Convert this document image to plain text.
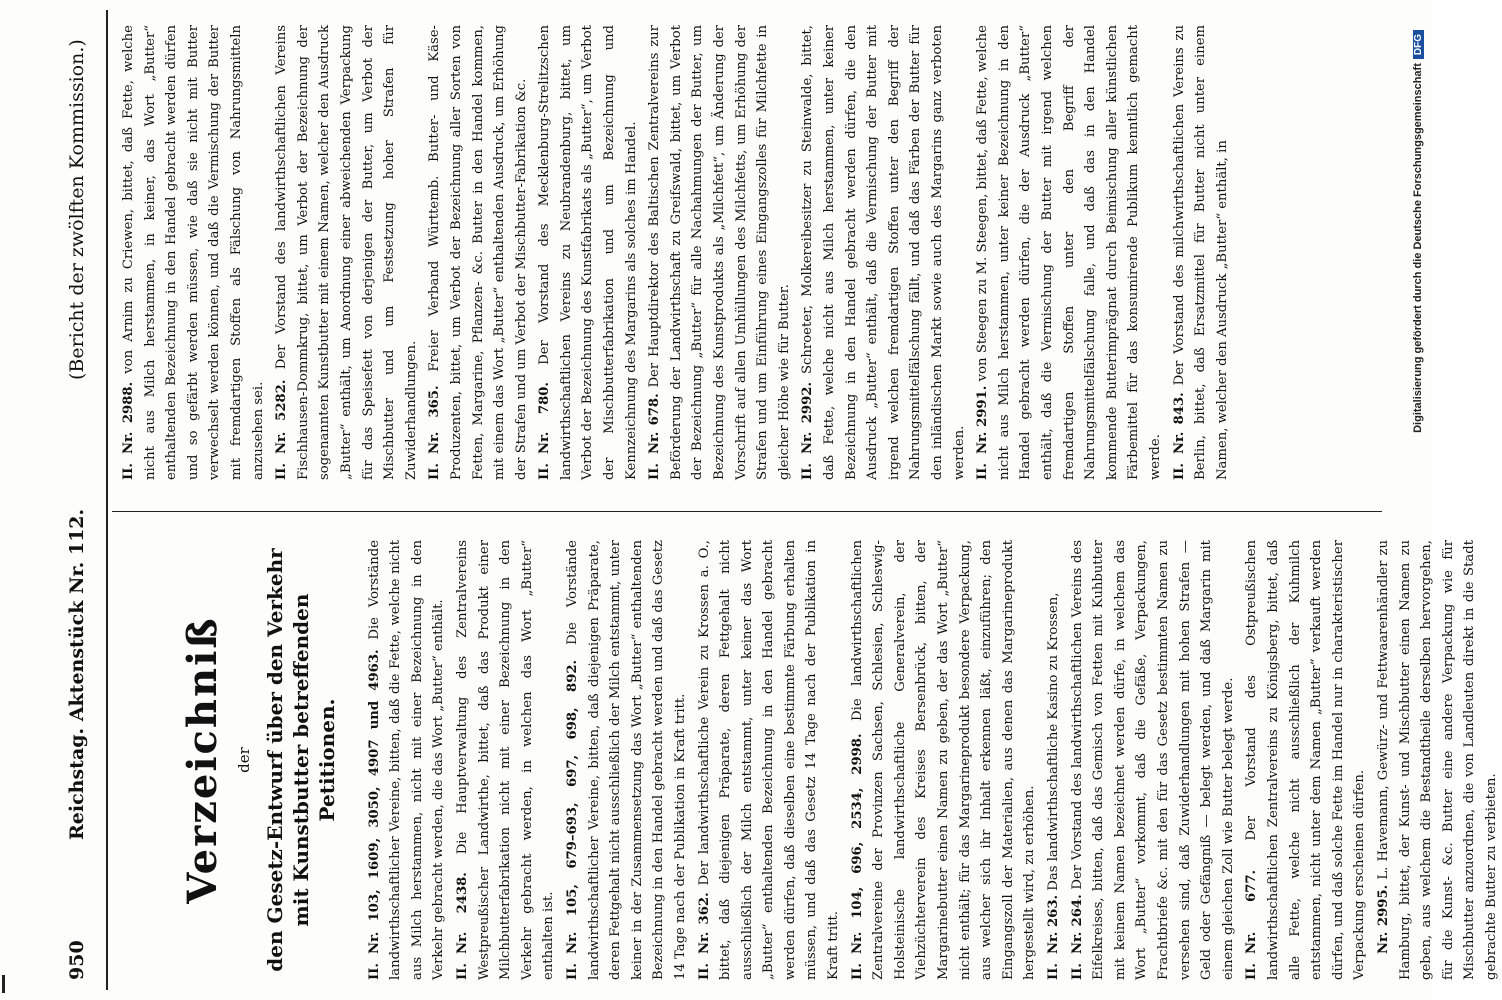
950
Reichstag. Aktenstück Nr. 112.
(Bericht der zwölften Kommission.)
Verzeichniß der den Gesetz-Entwurf über den Verkehr mit Kunstbutter betreffenden Petitionen.

II.Nr. 103, 1609, 3050, 4907 und 4963. Die Vorstände landwirthschaftlicher Vereine, bitten, daß die Fette, welche nicht aus Milch herstammen, nicht mit einer Bezeichnung in den Verkehr gebracht werden, die das Wort „Butter“ enthält. II.Nr. 2438. Die Hauptverwaltung des Zentralvereins Westpreußischer Landwirthe, bittet, daß das Produkt einer Milchbutterfabrikation nicht mit einer Bezeichnung in den Verkehr gebracht werden, in welchen das Wort „Butter“ enthalten ist. II.Nr. 105, 679–693, 697, 698, 892. Die Vorstände landwirthschaftlicher Vereine, bitten, daß diejenigen Präparate, deren Fettgehalt nicht ausschließlich der Milch entstammt, unter keiner in der Zusammensetzung das Wort „Butter“ enthaltenden Bezeichnung in den Handel gebracht werden und daß das Gesetz 14 Tage nach der Publikation in Kraft tritt. II.Nr. 362. Der landwirthschaftliche Verein zu Krossen a. O., bittet, daß diejenigen Präparate, deren Fettgehalt nicht ausschließlich der Milch entstammt, unter keiner das Wort „Butter“ enthaltenden Bezeichnung in den Handel gebracht werden dürfen, daß dieselben eine bestimmte Färbung erhalten müssen, und daß das Gesetz 14 Tage nach der Publikation in Kraft tritt. II.Nr. 104, 696, 2534, 2998. Die landwirthschaftlichen Zentralvereine der Provinzen Sachsen, Schlesien, Schleswig-Holsteinische landwirthschaftliche Generalverein, der Viehzüchterverein des Kreises Bersenbrück, bitten, der Margarinebutter einen Namen zu geben, der das Wort „Butter“ nicht enthält; für das Margarineprodukt besondere Verpackung, aus welcher sich ihr Inhalt erkennen läßt, einzuführen; den Eingangszoll der Materialien, aus denen das Margarineprodukt hergestellt wird, zu erhöhen. II.Nr. 263. Das landwirthschaftliche Kasino zu Krossen,

II.Nr. 264. Der Vorstand des landwirthschaftlichen Vereins des Eifelkreises, bitten, daß das Gemisch von Fetten mit Kuhbutter mit keinem Namen bezeichnet werden dürfe, in welchem das Wort „Butter“ vorkommt, daß die Gefäße, Verpackungen, Frachtbriefe &c. mit den für das Gesetz bestimmten Namen zu versehen sind, daß Zuwiderhandlungen mit hohen Strafen — Geld oder Gefängniß — belegt werden, und daß Margarin mit einem gleichen Zoll wie Butter belegt werde. II.Nr. 677. Der Vorstand des Ostpreußischen landwirthschaftlichen Zentralvereins zu Königsberg, bittet, daß alle Fette, welche nicht ausschließlich der Kuhmilch entstammen, nicht unter dem Namen „Butter“ verkauft werden dürfen, und daß solche Fette im Handel nur in charakteristischer Verpackung erscheinen dürfen. Nr. 2995. L. Havemann, Gewürz- und Fettwaarenhändler zu Hamburg, bittet, der Kunst- und Mischbutter einen Namen zu geben, aus welchem die Bestandtheile derselben hervorgehen, für die Kunst- &c. Butter eine andere Verpackung wie für Mischbutter anzuordnen, die von Landleuten direkt in die Stadt gebrachte Butter zu verbieten.

II.Nr. 2988. von Arnim zu Criewen, bittet, daß Fette, welche nicht aus Milch herstammen, in keiner, das Wort „Butter“ enthaltenden Bezeichnung in den Handel gebracht werden dürfen und so gefärbt werden müssen, wie daß sie nicht mit Butter verwechselt werden können, und daß die Vermischung der Butter mit fremdartigen Stoffen als Fälschung von Nahrungsmitteln anzusehen sei. II.Nr. 5282. Der Vorstand des landwirthschaftlichen Vereins Fischhausen-Dommkrug, bittet, um Verbot der Bezeichnung der sogenannten Kunstbutter mit einem Namen, welcher den Ausdruck „Butter“ enthält, um Anordnung einer abweichenden Verpackung für das Speisefett von derjenigen der Butter, um Verbot der Mischbutter und um Festsetzung hoher Strafen für Zuwiderhandlungen. II.Nr. 365. Freier Verband Württemb. Butter- und Käse-Produzenten, bittet, um Verbot der Bezeichnung aller Sorten von Fetten, Margarine, Pflanzen- &c. Butter in den Handel kommen, mit einem das Wort „Butter“ enthaltenden Ausdruck, um Erhöhung der Strafen und um Verbot der Mischbutter-Fabrikation &c. II.Nr. 780. Der Vorstand des Mecklenburg-Strelitzschen landwirthschaftlichen Vereins zu Neubrandenburg, bittet, um Verbot der Bezeichnung des Kunstfabrikats als „Butter“, um Verbot der Mischbutterfabrikation und um Bezeichnung und Kennzeichnung des Margarins als solches im Handel. II.Nr. 678. Der Hauptdirektor des Baltischen Zentralvereins zur Beförderung der Landwirthschaft zu Greifswald, bittet, um Verbot der Bezeichnung „Butter“ für alle Nachahmungen der Butter, um Bezeichnung des Kunstprodukts als „Milchfett“, um Änderung der Vorschrift auf allen Umhüllungen des Milchfetts, um Erhöhung der Strafen und um Einführung eines Eingangszolles für Milchfette in gleicher Höhe wie für Butter. II.Nr. 2992. Schroeter, Molkereibesitzer zu Steinwalde, bittet, daß Fette, welche nicht aus Milch herstammen, unter keiner Bezeichnung in den Handel gebracht werden dürfen, die den Ausdruck „Butter“ enthält, daß die Vermischung der Butter mit irgend welchen fremdartigen Stoffen unter den Begriff der Nahrungsmittelfälschung fällt, und daß das Färben der Butter für den inländischen Markt sowie auch des Margarins ganz verboten werden. II.Nr. 2991. von Steegen zu M. Steegen, bittet, daß Fette, welche nicht aus Milch herstammen, unter keiner Bezeichnung in den Handel gebracht werden dürfen, die der Ausdruck „Butter“ enthält, daß die Vermischung der Butter mit irgend welchen fremdartigen Stoffen unter den Begriff der Nahrungsmittelfälschung falle, und daß das in den Handel kommende Butterimprägnat durch Beimischung aller künstlichen Färbemittel für das konsumirende Publikum kenntlich gemacht werde. II.Nr. 843. Der Vorstand des milchwirthschaftlichen Vereins zu Berlin, bittet, daß Ersatzmittel für Butter nicht unter einem Namen, welcher den Ausdruck „Butter“ enthält, in	Digitalisierung gefördert durch die Deutsche ForschungsgemeinschaftDFG
